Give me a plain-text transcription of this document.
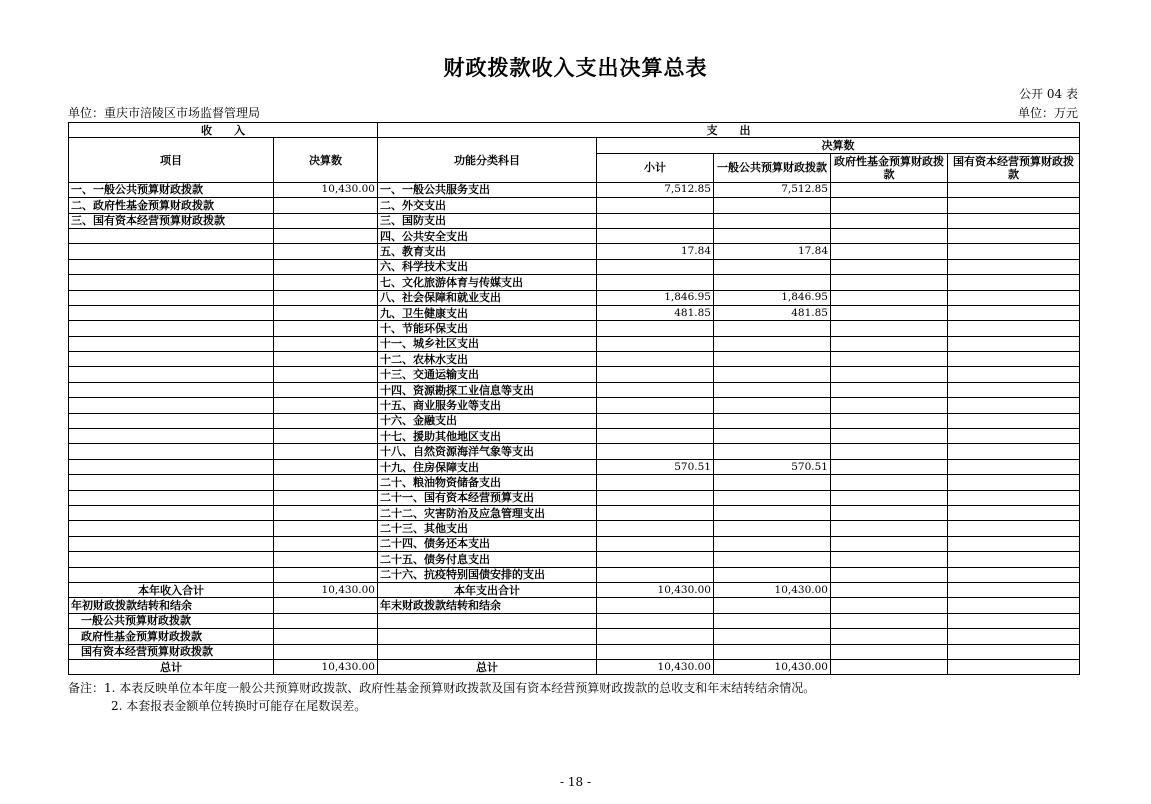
财政拨款收入支出决算总表
公开 04 表
单位：重庆市涪陵区市场监督管理局	单位：万元
收　　入		支　　出				
项目	决算数	功能分类科目	决算数			
			小计	一般公共预算财政拨款	政府性基金预算财政拨款	国有资本经营预算财政拨款
一、一般公共预算财政拨款	10,430.00	一、一般公共服务支出	7,512.85	7,512.85		
二、政府性基金预算财政拨款		二、外交支出				
三、国有资本经营预算财政拨款		三、国防支出				
		四、公共安全支出				
		五、教育支出	17.84	17.84		
		六、科学技术支出				
		七、文化旅游体育与传媒支出				
		八、社会保障和就业支出	1,846.95	1,846.95		
		九、卫生健康支出	481.85	481.85		
		十、节能环保支出				
		十一、城乡社区支出				
		十二、农林水支出				
		十三、交通运输支出				
		十四、资源勘探工业信息等支出				
		十五、商业服务业等支出				
		十六、金融支出				
		十七、援助其他地区支出				
		十八、自然资源海洋气象等支出				
		十九、住房保障支出	570.51	570.51		
		二十、粮油物资储备支出				
		二十一、国有资本经营预算支出				
		二十二、灾害防治及应急管理支出				
		二十三、其他支出				
		二十四、债务还本支出				
		二十五、债务付息支出				
		二十六、抗疫特别国债安排的支出				
本年收入合计	10,430.00	本年支出合计	10,430.00	10,430.00		
年初财政拨款结转和结余		年末财政拨款结转和结余				
一般公共预算财政拨款						
政府性基金预算财政拨款						
国有资本经营预算财政拨款						
总计	10,430.00	总计	10,430.00	10,430.00		
备注：1. 本表反映单位本年度一般公共预算财政拨款、政府性基金预算财政拨款及国有资本经营预算财政拨款的总收支和年末结转结余情况。
2. 本套报表金额单位转换时可能存在尾数误差。
- 18 -
